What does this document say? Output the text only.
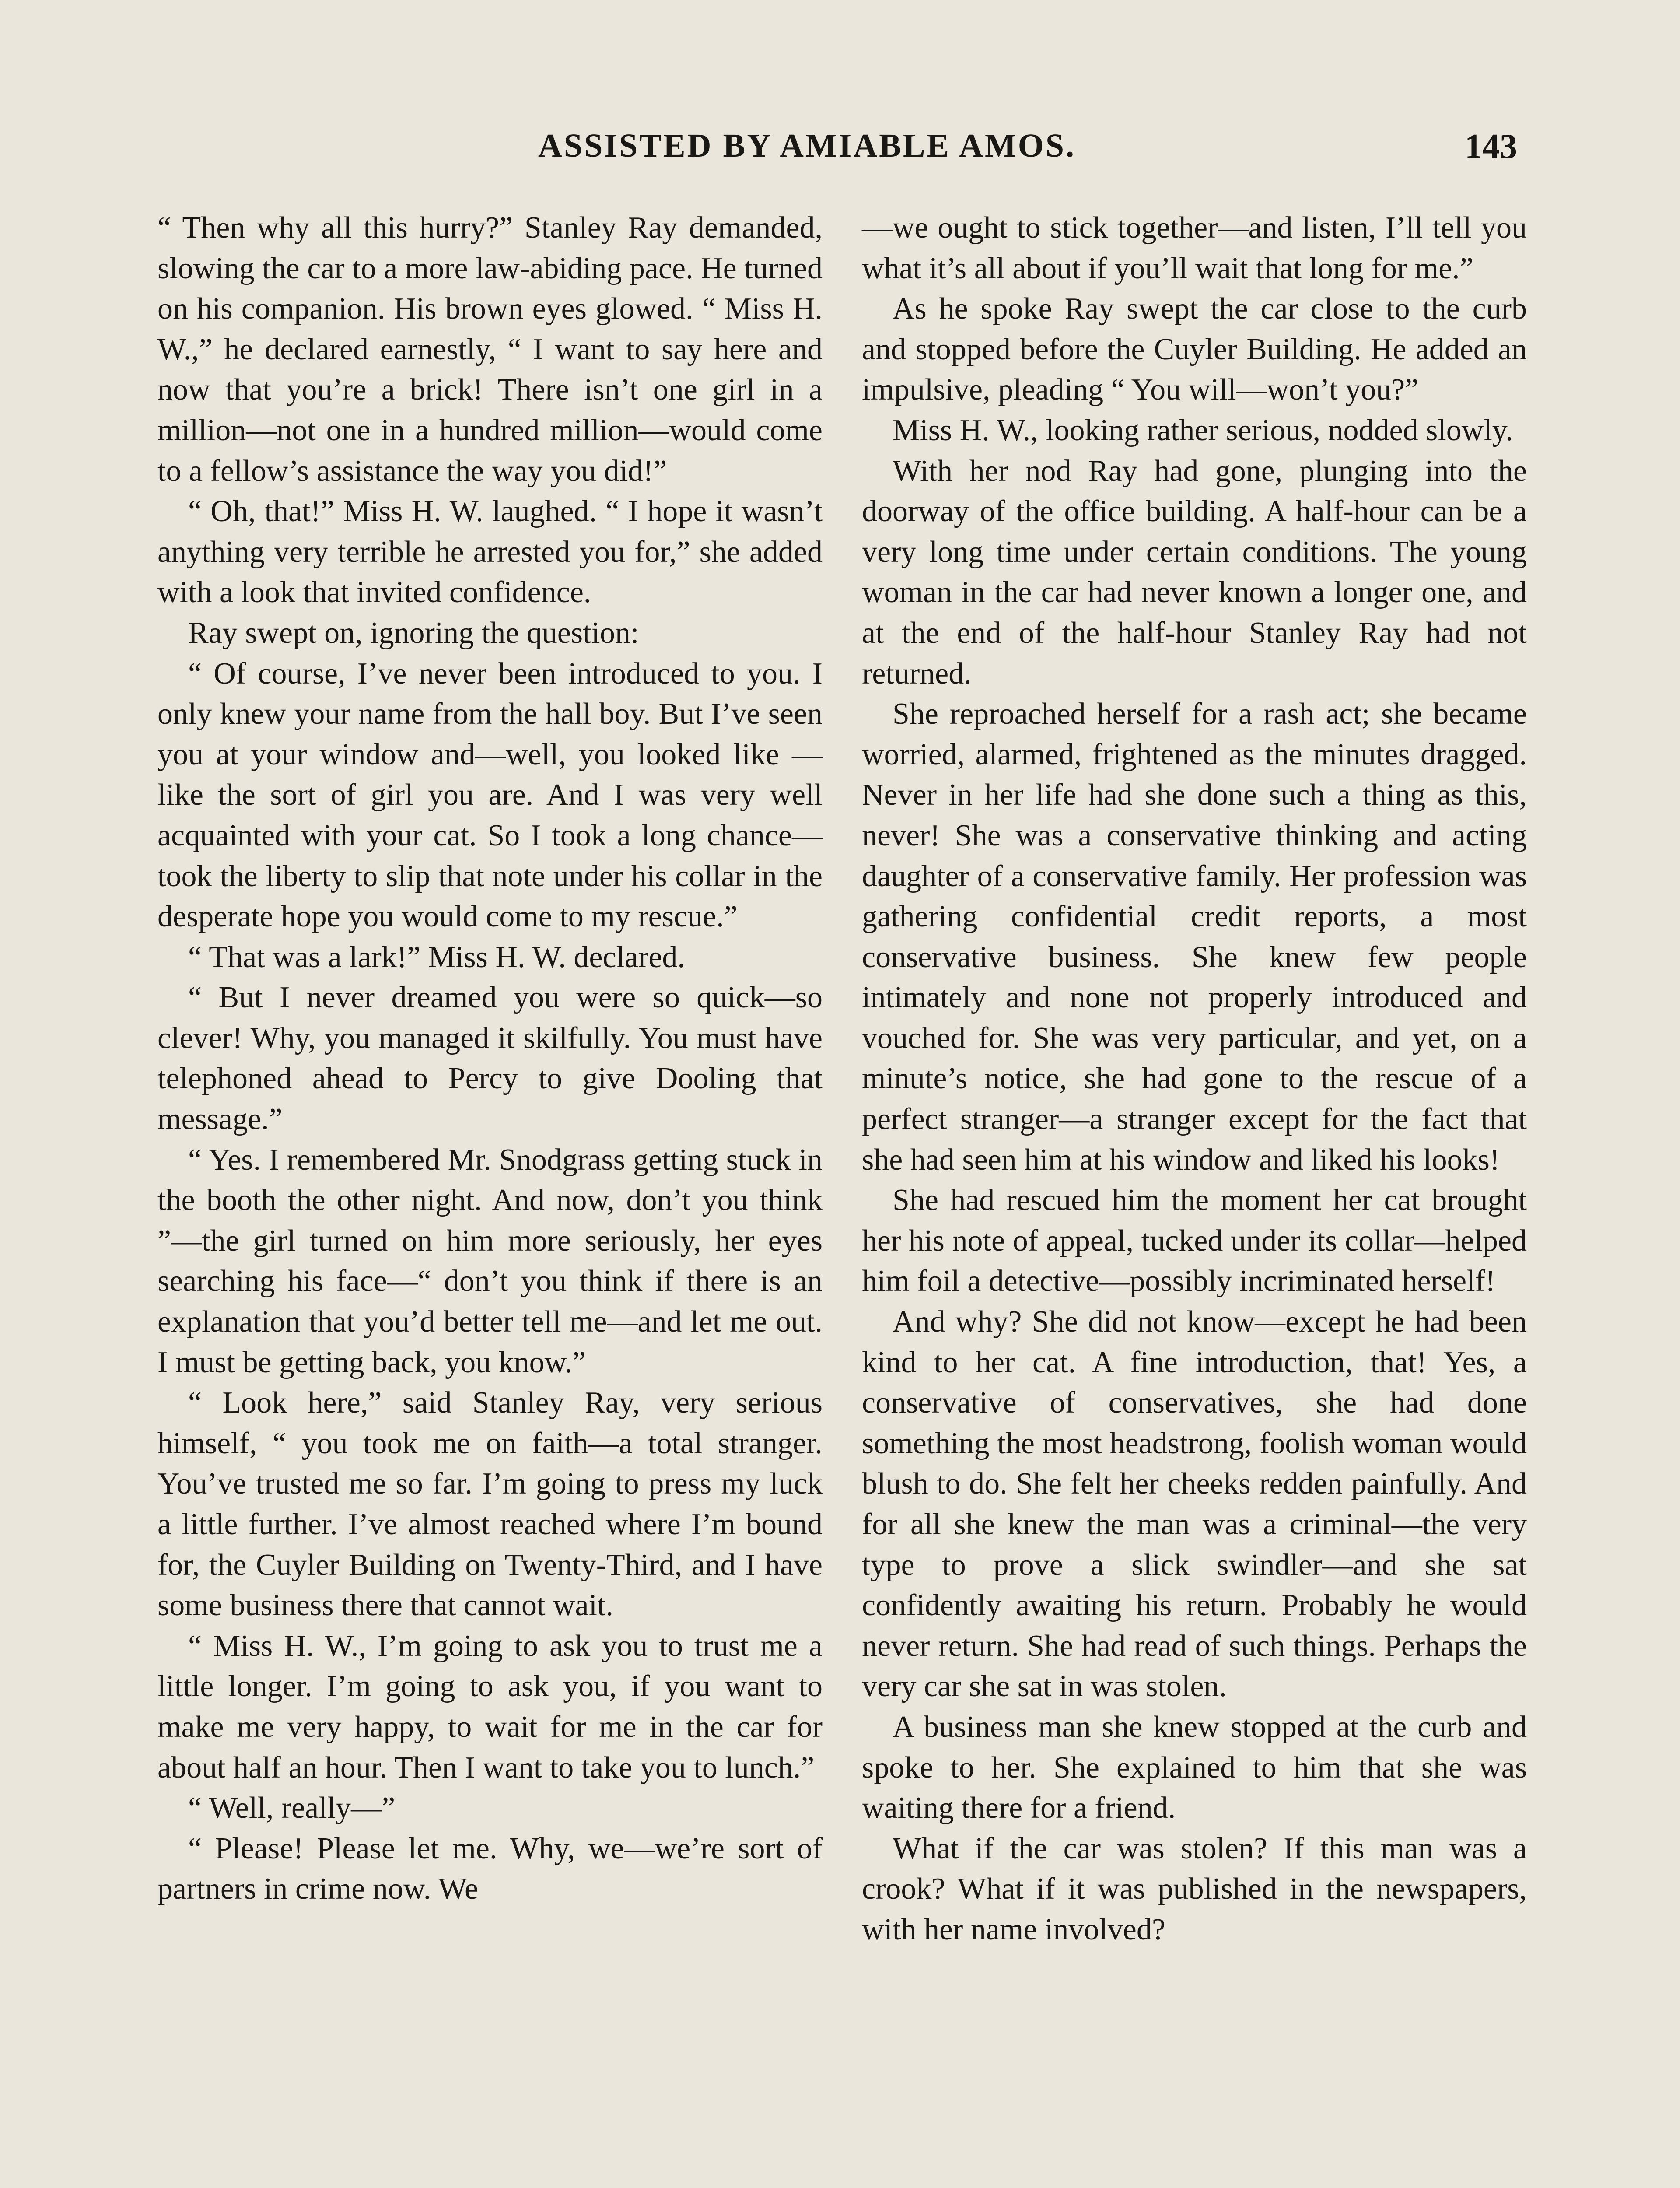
ASSISTED BY AMIABLE AMOS.	143

“ Then why all this hurry?” Stanley Ray demanded, slowing the car to a more law-abiding pace. He turned on his companion. His brown eyes glowed. “ Miss H. W.,” he declared earnestly, “ I want to say here and now that you’re a brick! There isn’t one girl in a million—not one in a hundred million—would come to a fellow’s assistance the way you did!”

“ Oh, that!” Miss H. W. laughed. “ I hope it wasn’t anything very terrible he arrested you for,” she added with a look that invited confidence.

Ray swept on, ignoring the question:

“ Of course, I’ve never been introduced to you. I only knew your name from the hall boy. But I’ve seen you at your window and—well, you looked like —like the sort of girl you are. And I was very well acquainted with your cat. So I took a long chance—took the liberty to slip that note under his collar in the desperate hope you would come to my rescue.”

“ That was a lark!” Miss H. W. declared.

“ But I never dreamed you were so quick—so clever! Why, you managed it skilfully. You must have telephoned ahead to Percy to give Dooling that message.”

“ Yes. I remembered Mr. Snodgrass getting stuck in the booth the other night. And now, don’t you think ”—the girl turned on him more seriously, her eyes searching his face—“ don’t you think if there is an explanation that you’d better tell me—and let me out. I must be getting back, you know.”

“ Look here,” said Stanley Ray, very serious himself, “ you took me on faith—a total stranger. You’ve trusted me so far. I’m going to press my luck a little further. I’ve almost reached where I’m bound for, the Cuyler Building on Twenty-Third, and I have some business there that cannot wait.

“ Miss H. W., I’m going to ask you to trust me a little longer. I’m going to ask you, if you want to make me very happy, to wait for me in the car for about half an hour. Then I want to take you to lunch.”

“ Well, really—”

“ Please! Please let me. Why, we—we’re sort of partners in crime now. We

—we ought to stick together—and listen, I’ll tell you what it’s all about if you’ll wait that long for me.”

As he spoke Ray swept the car close to the curb and stopped before the Cuyler Building. He added an impulsive, pleading “ You will—won’t you?”

Miss H. W., looking rather serious, nodded slowly.

With her nod Ray had gone, plunging into the doorway of the office building. A half-hour can be a very long time under certain conditions. The young woman in the car had never known a longer one, and at the end of the half-hour Stanley Ray had not returned.

She reproached herself for a rash act; she became worried, alarmed, frightened as the minutes dragged. Never in her life had she done such a thing as this, never! She was a conservative thinking and acting daughter of a conservative family. Her profession was gathering confidential credit reports, a most conservative business. She knew few people intimately and none not properly introduced and vouched for. She was very particular, and yet, on a minute’s notice, she had gone to the rescue of a perfect stranger—a stranger except for the fact that she had seen him at his window and liked his looks!

She had rescued him the moment her cat brought her his note of appeal, tucked under its collar—helped him foil a detective—possibly incriminated herself!

And why? She did not know—except he had been kind to her cat. A fine introduction, that! Yes, a conservative of conservatives, she had done something the most headstrong, foolish woman would blush to do. She felt her cheeks redden painfully. And for all she knew the man was a criminal—the very type to prove a slick swindler—and she sat confidently awaiting his return. Probably he would never return. She had read of such things. Perhaps the very car she sat in was stolen.

A business man she knew stopped at the curb and spoke to her. She explained to him that she was waiting there for a friend.

What if the car was stolen? If this man was a crook? What if it was published in the newspapers, with her name involved?
